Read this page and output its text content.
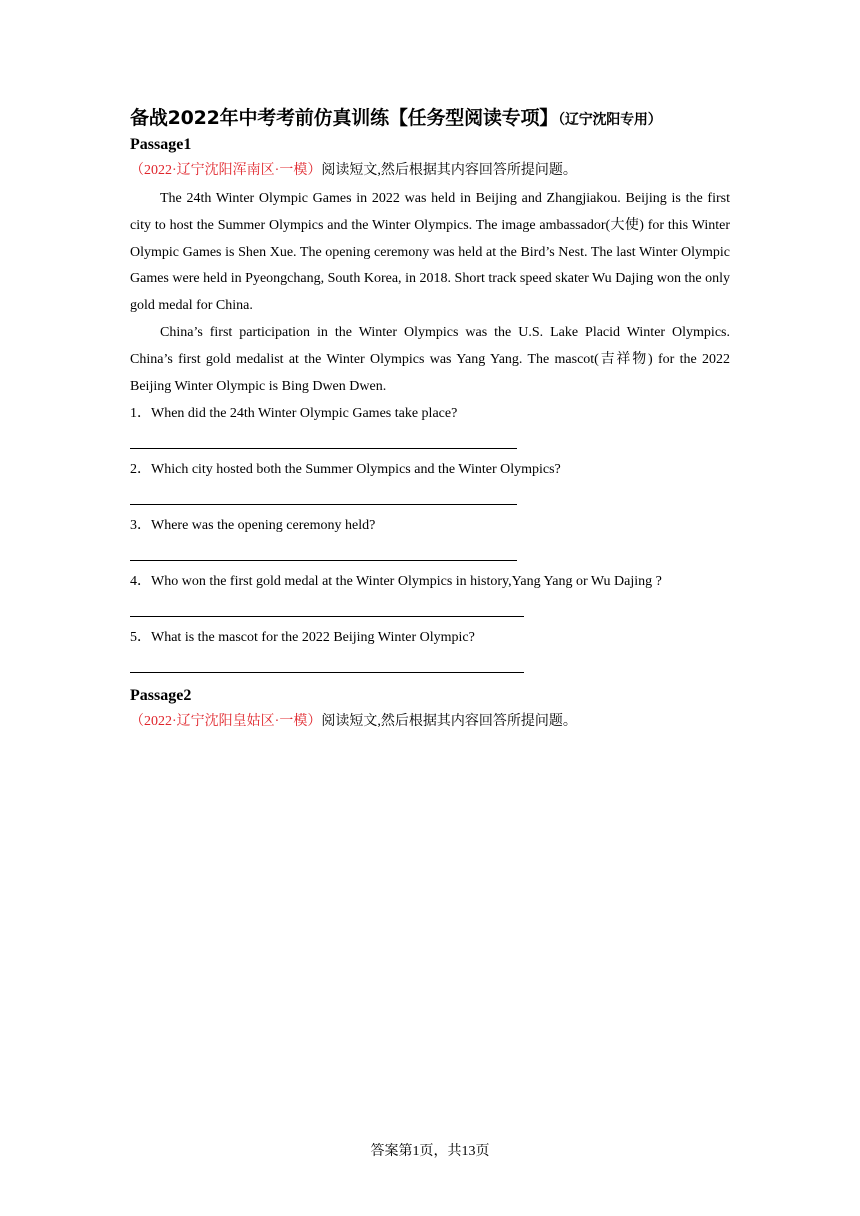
备战2022年中考考前仿真训练【任务型阅读专项】（辽宁沈阳专用）
Passage1

（2022·辽宁沈阳浑南区·一模）阅读短文,然后根据其内容回答所提问题。

The 24th Winter Olympic Games in 2022 was held in Beijing and Zhangjiakou. Beijing is the first city to host the Summer Olympics and the Winter Olympics. The image ambassador(大使) for this Winter Olympic Games is Shen Xue. The opening ceremony was held at the Bird’s Nest. The last Winter Olympic Games were held in Pyeongchang, South Korea, in 2018. Short track speed skater Wu Dajing won the only gold medal for China.

China’s first participation in the Winter Olympics was the U.S. Lake Placid Winter Olympics. China’s first gold medalist at the Winter Olympics was Yang Yang. The mascot(吉祥物) for the 2022 Beijing Winter Olympic is Bing Dwen Dwen.

1．When did the 24th Winter Olympic Games take place?

2．Which city hosted both the Summer Olympics and the Winter Olympics?

3．Where was the opening ceremony held?

4．Who won the first gold medal at the Winter Olympics in history,Yang Yang or Wu Dajing ?

5．What is the mascot for the 2022 Beijing Winter Olympic?

Passage2

（2022·辽宁沈阳皇姑区·一模）阅读短文,然后根据其内容回答所提问题。

答案第1页，共13页
